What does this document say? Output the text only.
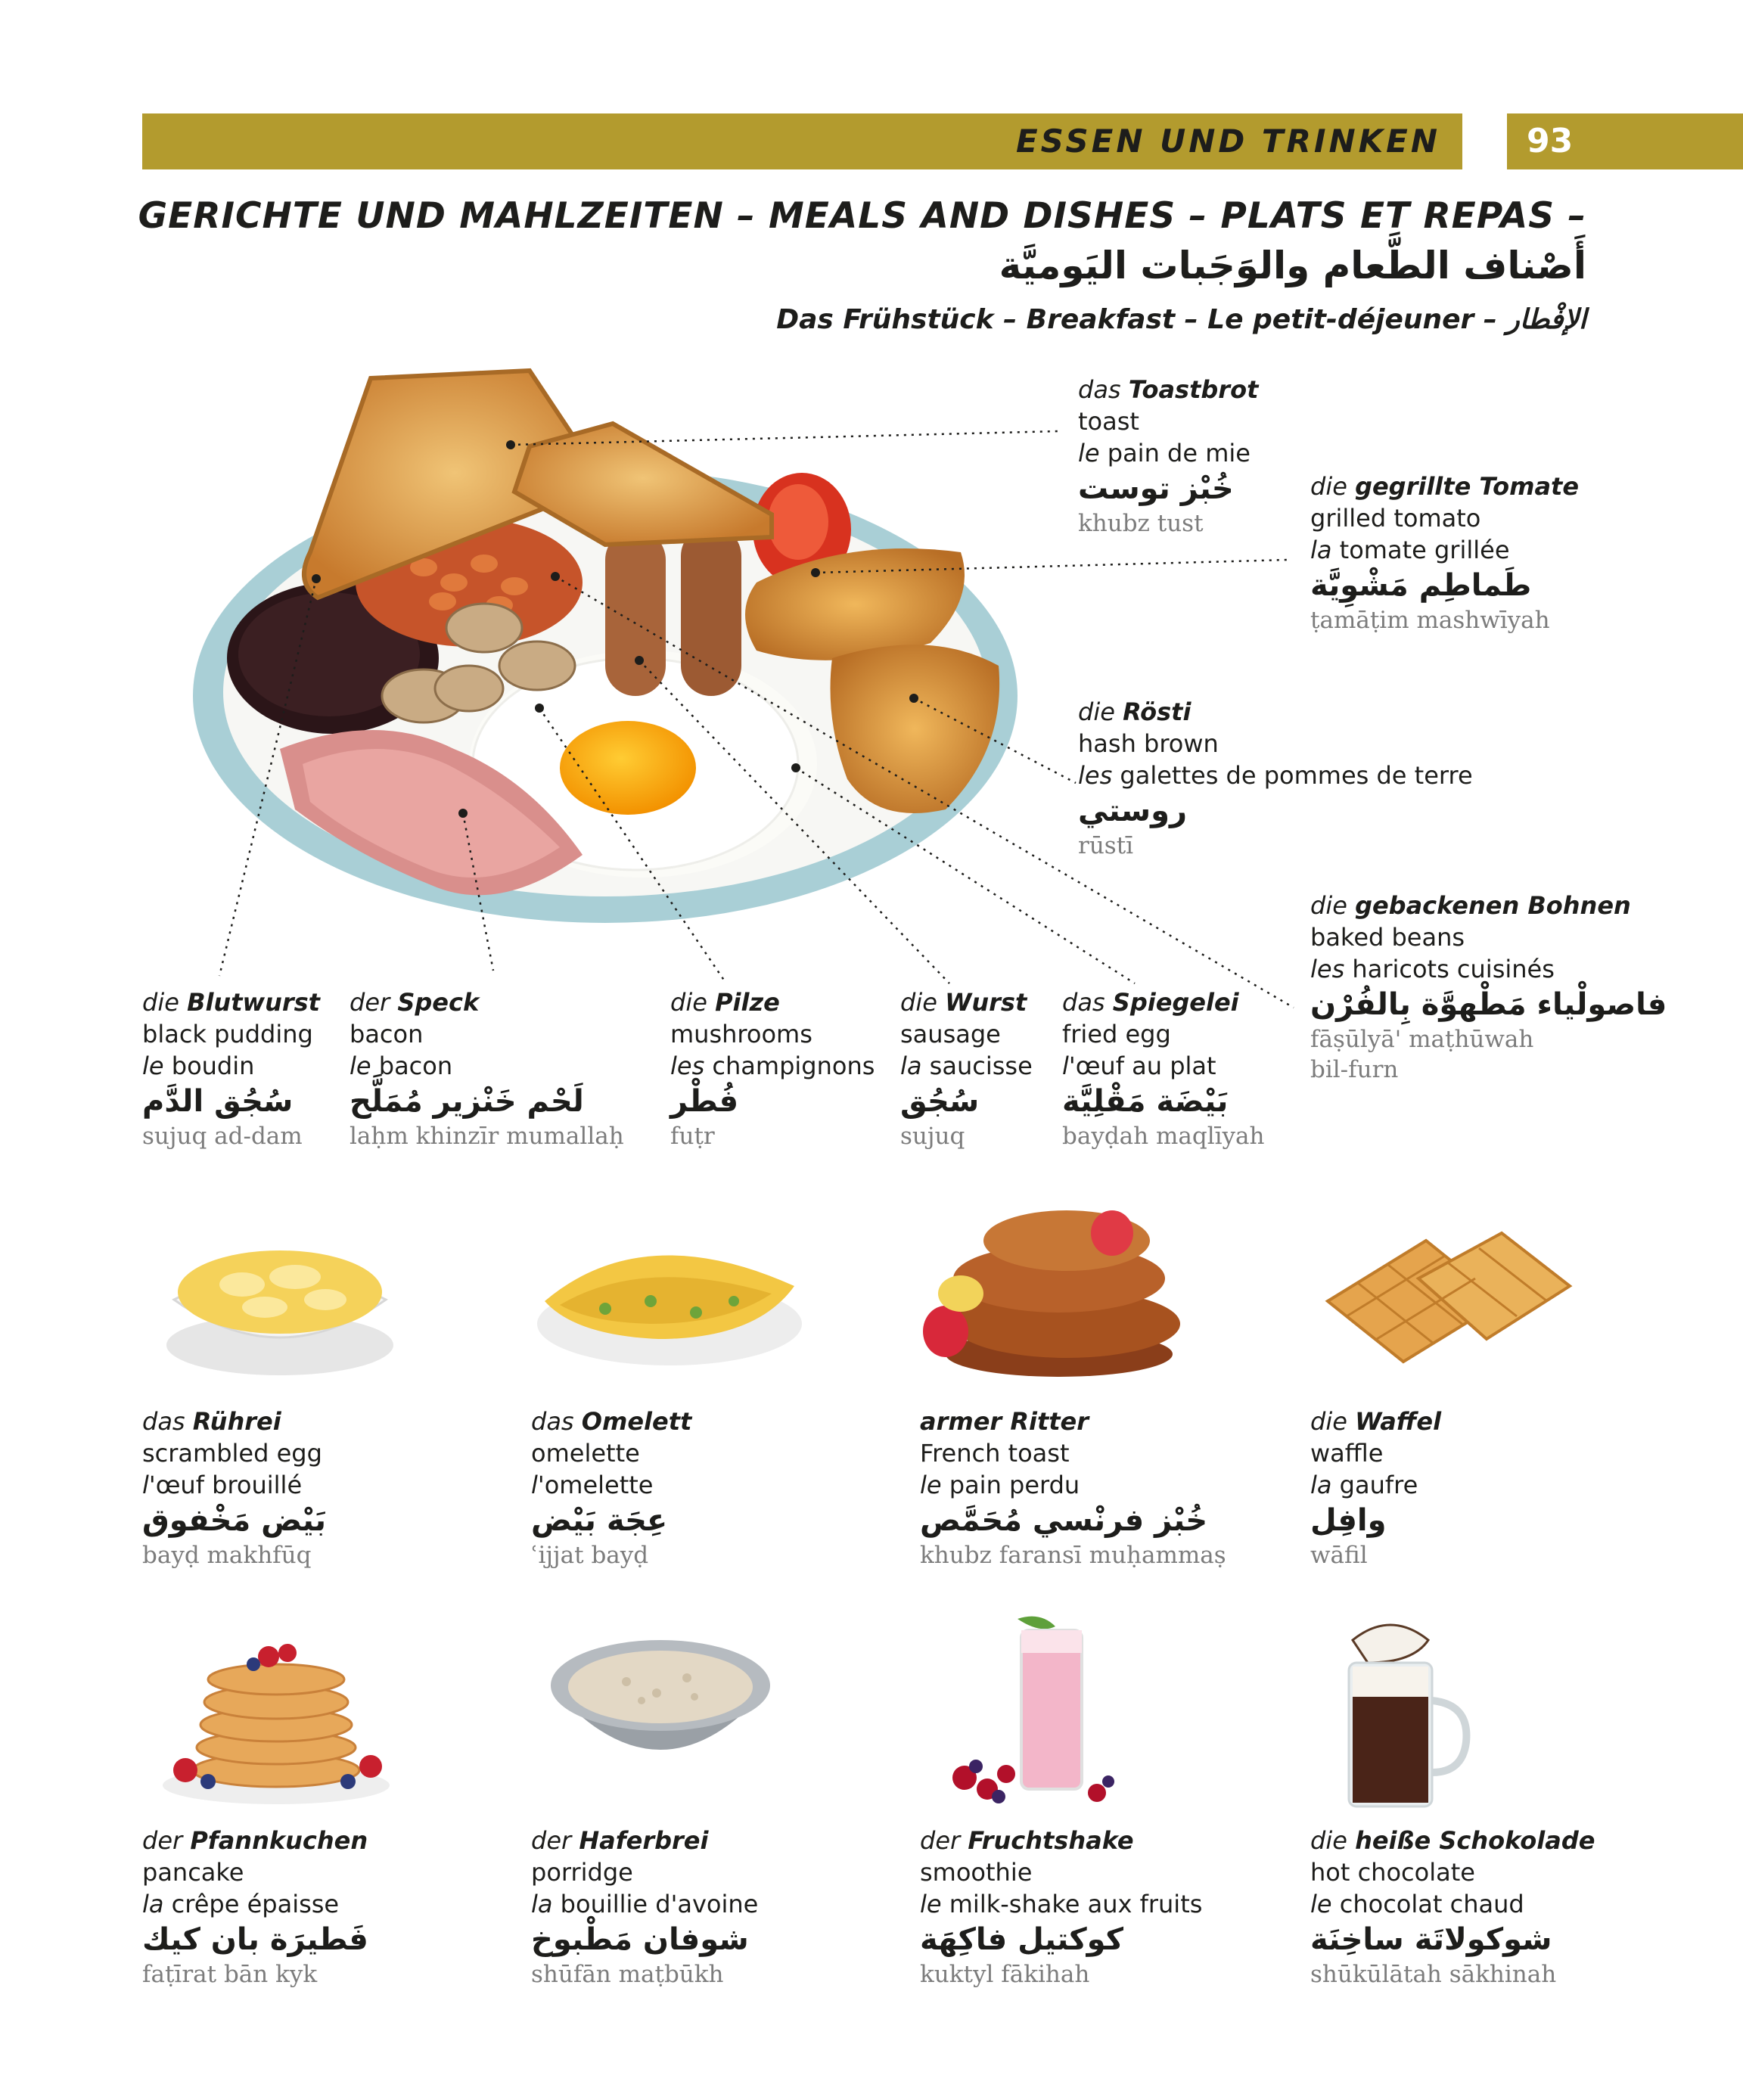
ESSEN UND TRINKEN	93
GERICHTE UND MAHLZEITEN – MEALS AND DISHES – PLATS ET REPAS –
أَصْناف الطَّعام والوَجَبات اليَوميَّة
Das Frühstück – Breakfast – Le petit-déjeuner – الإفْطار
das Toastbrot
toast
le pain de mie
خُبْز توست
khubz tust
die gegrillte Tomate
grilled tomato
la tomate grillée
طَماطِم مَشْوِيَّة
ṭamāṭim mashwīyah
die Rösti
hash brown
les galettes de pommes de terre
روستي
rūstī
die gebackenen Bohnen
baked beans
les haricots cuisinés
فاصولْياء مَطْهوَّة بِالفُرْن
fāṣūlyā' maṭhūwah
bil-furn
die Blutwurst
black pudding
le boudin
سُجُق الدَّم
sujuq ad-dam
der Speck
bacon
le bacon
لَحْم خَنْزير مُمَلَّح
laḥm khinzīr mumallaḥ
die Pilze
mushrooms
les champignons
فُطْر
fuṭr
die Wurst
sausage
la saucisse
سُجُق
sujuq
das Spiegelei
fried egg
l'œuf au plat
بَيْضَة مَقْلِيَّة
bayḍah maqlīyah
das Rührei
scrambled egg
l'œuf brouillé
بَيْض مَخْفوق
bayḍ makhfūq
das Omelett
omelette
l'omelette
عِجَة بَيْض
ʿijjat bayḍ
armer Ritter
French toast
le pain perdu
خُبْز فرنْسي مُحَمَّص
khubz faransī muḥammaṣ
die Waffel
waffle
la gaufre
وافِل
wāfil
der Pfannkuchen
pancake
la crêpe épaisse
فَطيرَة بان كيك
faṭīrat bān kyk
der Haferbrei
porridge
la bouillie d'avoine
شوفان مَطْبوخ
shūfān maṭbūkh
der Fruchtshake
smoothie
le milk-shake aux fruits
كوكتيل فاكِهَة
kuktyl fākihah
die heiße Schokolade
hot chocolate
le chocolat chaud
شوكولاتَة ساخِنَة
shūkūlātah sākhinah
